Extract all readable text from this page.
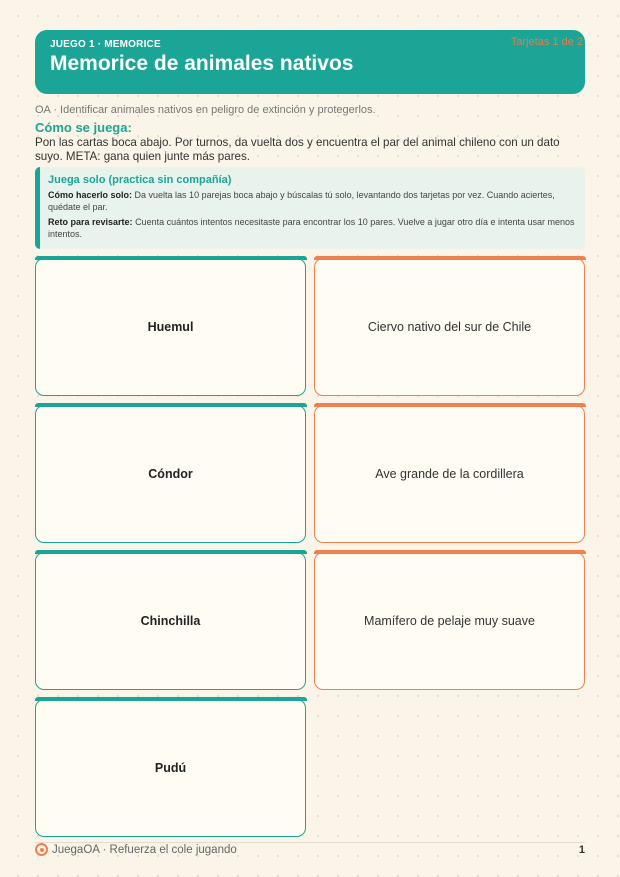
JUEGO 1 · MEMORICE
Memorice de animales nativos
Tarjetas 1 de 2
OA · Identificar animales nativos en peligro de extinción y protegerlos.
Cómo se juega:
Pon las cartas boca abajo. Por turnos, da vuelta dos y encuentra el par del animal chileno con un dato suyo. META: gana quien junte más pares.
Juega solo (practica sin compañía)
Cómo hacerlo solo: Da vuelta las 10 parejas boca abajo y búscalas tú solo, levantando dos tarjetas por vez. Cuando aciertes, quédate el par.
Reto para revisarte: Cuenta cuántos intentos necesitaste para encontrar los 10 pares. Vuelve a jugar otro día e intenta usar menos intentos.
Huemul	Ciervo nativo del sur de Chile
Cóndor	Ave grande de la cordillera
Chinchilla	Mamífero de pelaje muy suave
Pudú
JuegaOA · Refuerza el cole jugando	1
